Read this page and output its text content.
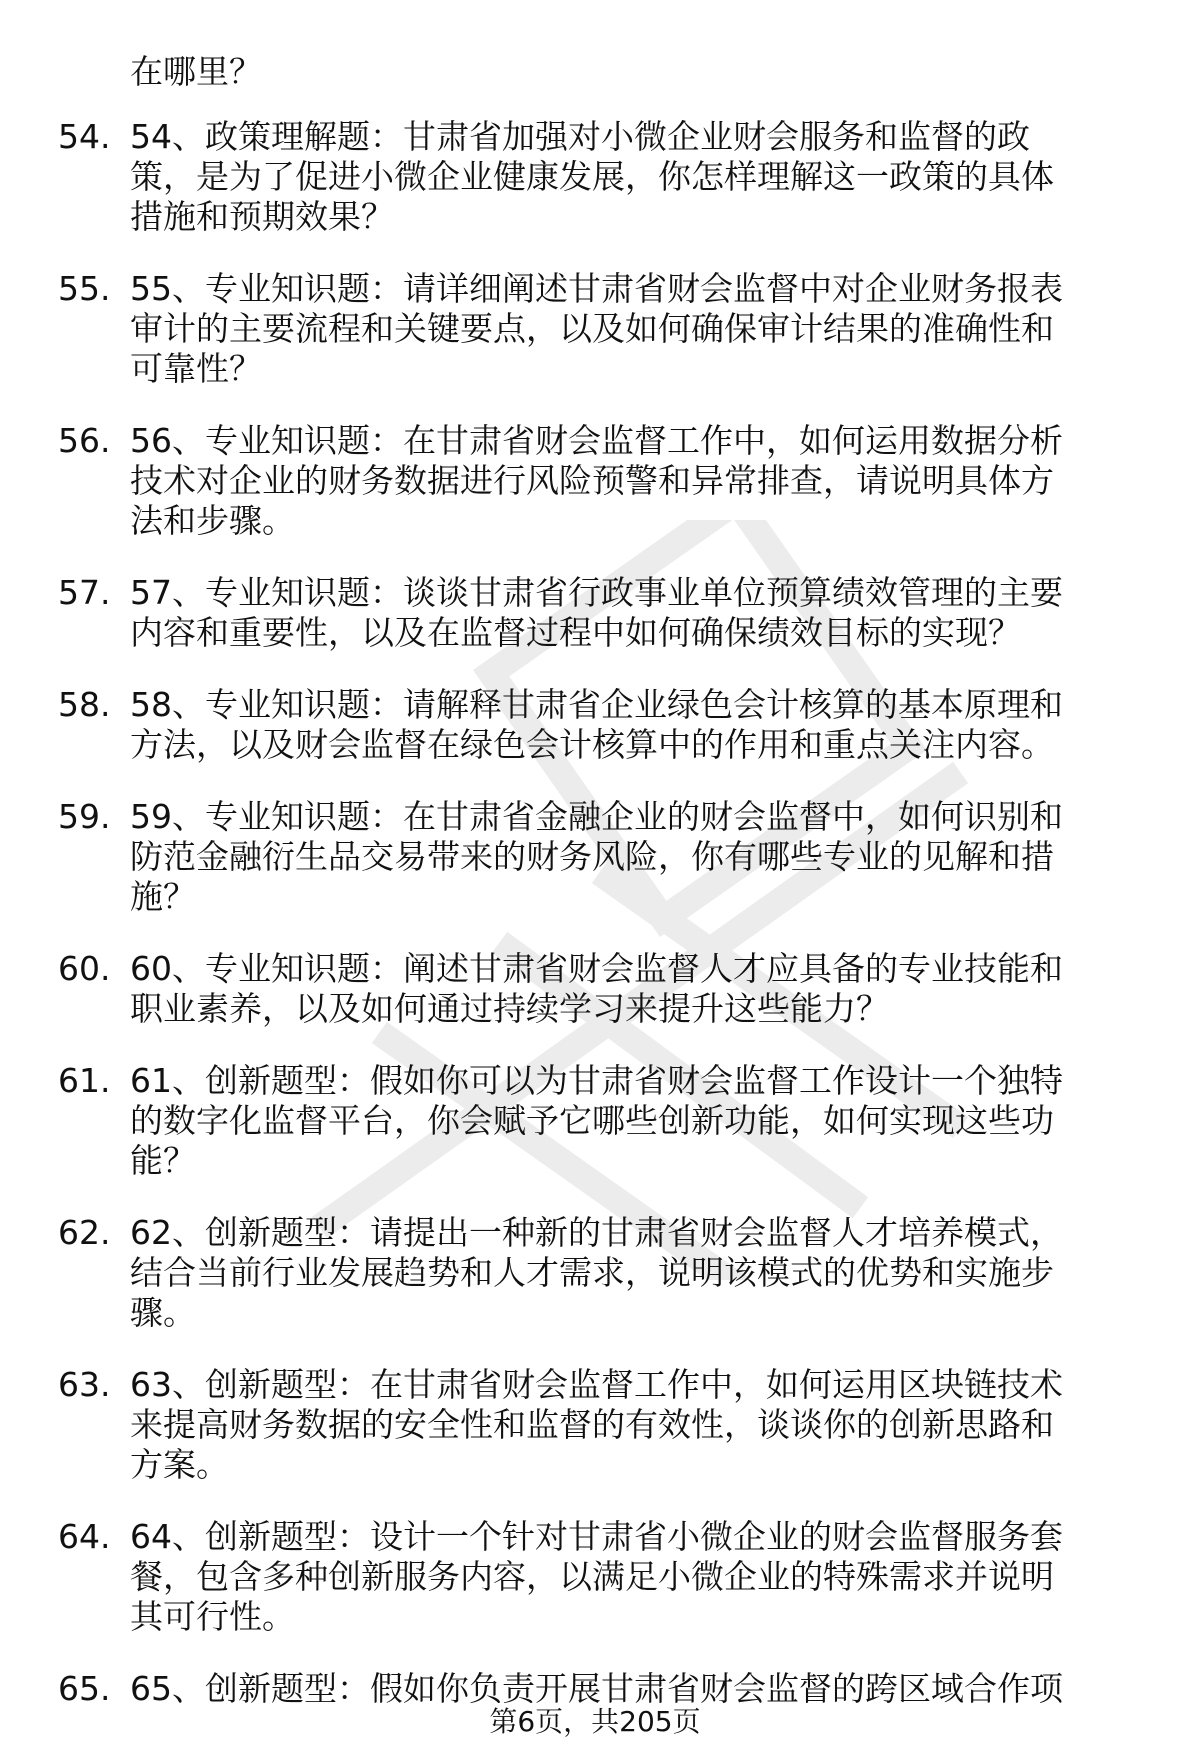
在哪里？
54. 54、政策理解题：甘肃省加强对小微企业财会服务和监督的政
策，是为了促进小微企业健康发展，你怎样理解这一政策的具体
措施和预期效果？
55. 55、专业知识题：请详细阐述甘肃省财会监督中对企业财务报表
审计的主要流程和关键要点，以及如何确保审计结果的准确性和
可靠性？
56. 56、专业知识题：在甘肃省财会监督工作中，如何运用数据分析
技术对企业的财务数据进行风险预警和异常排查，请说明具体方
法和步骤。
57. 57、专业知识题：谈谈甘肃省行政事业单位预算绩效管理的主要
内容和重要性，以及在监督过程中如何确保绩效目标的实现？
58. 58、专业知识题：请解释甘肃省企业绿色会计核算的基本原理和
方法，以及财会监督在绿色会计核算中的作用和重点关注内容。
59. 59、专业知识题：在甘肃省金融企业的财会监督中，如何识别和
防范金融衍生品交易带来的财务风险，你有哪些专业的见解和措
施？
60. 60、专业知识题：阐述甘肃省财会监督人才应具备的专业技能和
职业素养，以及如何通过持续学习来提升这些能力？
61. 61、创新题型：假如你可以为甘肃省财会监督工作设计一个独特
的数字化监督平台，你会赋予它哪些创新功能，如何实现这些功
能？
62. 62、创新题型：请提出一种新的甘肃省财会监督人才培养模式，
结合当前行业发展趋势和人才需求，说明该模式的优势和实施步
骤。
63. 63、创新题型：在甘肃省财会监督工作中，如何运用区块链技术
来提高财务数据的安全性和监督的有效性，谈谈你的创新思路和
方案。
64. 64、创新题型：设计一个针对甘肃省小微企业的财会监督服务套
餐，包含多种创新服务内容，以满足小微企业的特殊需求并说明
其可行性。
65. 65、创新题型：假如你负责开展甘肃省财会监督的跨区域合作项
第6页，共205页
